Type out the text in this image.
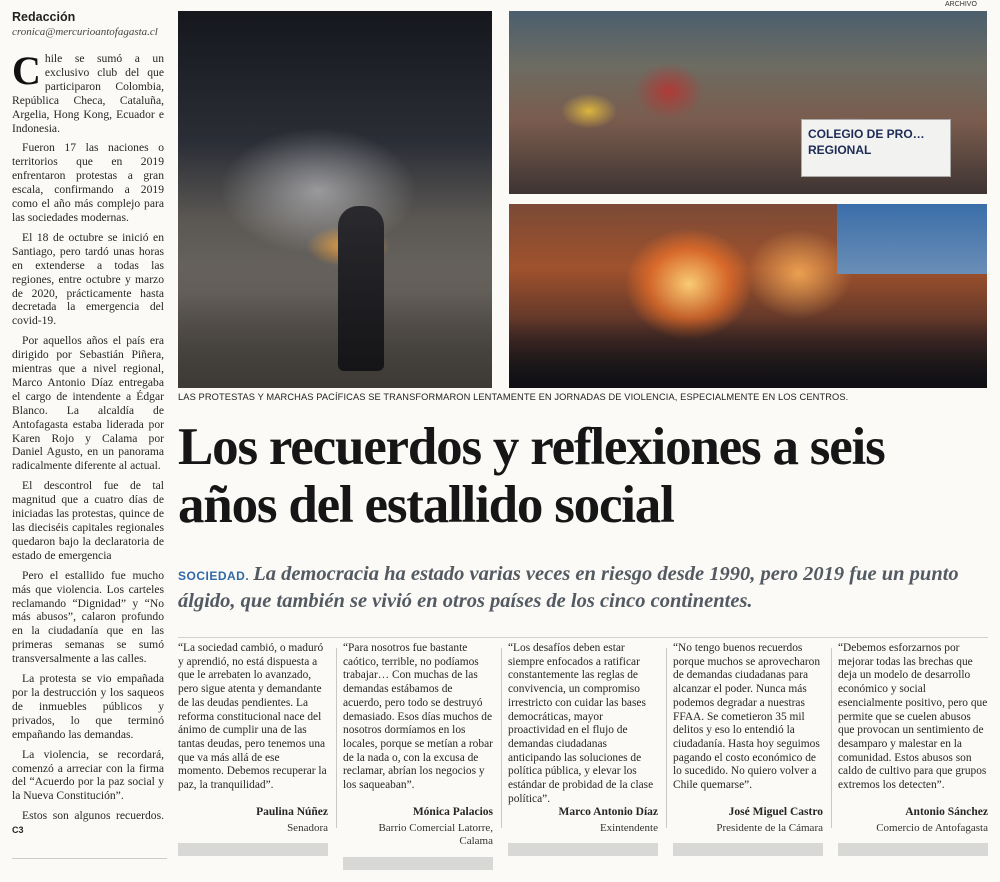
Redacción
cronica@mercurioantofagasta.cl

Chile se sumó a un exclusivo club del que participaron Colombia, República Checa, Cataluña, Argelia, Hong Kong, Ecuador e Indonesia.

Fueron 17 las naciones o territorios que en 2019 enfrentaron protestas a gran escala, confirmando a 2019 como el año más complejo para las sociedades modernas.

El 18 de octubre se inició en Santiago, pero tardó unas horas en extenderse a todas las regiones, entre octubre y marzo de 2020, prácticamente hasta decretada la emergencia del covid-19.

Por aquellos años el país era dirigido por Sebastián Piñera, mientras que a nivel regional, Marco Antonio Díaz entregaba el cargo de intendente a Édgar Blanco. La alcaldía de Antofagasta estaba liderada por Karen Rojo y Calama por Daniel Agusto, en un panorama radicalmente diferente al actual.

El descontrol fue de tal magnitud que a cuatro días de iniciadas las protestas, quince de las dieciséis capitales regionales quedaron bajo la declaratoria de estado de emergencia

Pero el estallido fue mucho más que violencia. Los carteles reclamando “Dignidad” y “No más abusos”, calaron profundo en la ciudadanía que en las primeras semanas se sumó transversalmente a las calles.

La protesta se vio empañada por la destrucción y los saqueos de inmuebles públicos y privados, lo que terminó empañando las demandas.

La violencia, se recordará, comenzó a arreciar con la firma del “Acuerdo por la paz social y la Nueva Constitución”.

Estos son algunos recuerdos. C3

ARCHIVO
COLEGIO DE PRO… REGIONAL
LAS PROTESTAS Y MARCHAS PACÍFICAS SE TRANSFORMARON LENTAMENTE EN JORNADAS DE VIOLENCIA, ESPECIALMENTE EN LOS CENTROS.
Los recuerdos y reflexiones a seis años del estallido social
SOCIEDAD. La democracia ha estado varias veces en riesgo desde 1990, pero 2019 fue un punto álgido, que también se vivió en otros países de los cinco continentes.
“La sociedad cambió, o maduró y aprendió, no está dispuesta a que le arrebaten lo avanzado, pero sigue atenta y demandante de las deudas pendientes. La reforma constitucional nace del ánimo de cumplir una de las tantas deudas, pero tenemos una que va más allá de ese momento. Debemos recuperar la paz, la tranquilidad”.
Paulina Núñez
Senadora
“Para nosotros fue bastante caótico, terrible, no podíamos trabajar… Con muchas de las demandas estábamos de acuerdo, pero todo se destruyó demasiado. Esos días muchos de nosotros dormíamos en los locales, porque se metían a robar de la nada o, con la excusa de reclamar, abrían los negocios y los saqueaban”.
Mónica Palacios
Barrio Comercial Latorre, Calama
“Los desafíos deben estar siempre enfocados a ratificar constantemente las reglas de convivencia, un compromiso irrestricto con cuidar las bases democráticas, mayor proactividad en el flujo de demandas ciudadanas anticipando las soluciones de política pública, y elevar los estándar de probidad de la clase política”.
Marco Antonio Díaz
Exintendente
“No tengo buenos recuerdos porque muchos se aprovecharon de demandas ciudadanas para alcanzar el poder. Nunca más podemos degradar a nuestras FFAA. Se cometieron 35 mil delitos y eso lo entendió la ciudadanía. Hasta hoy seguimos pagando el costo económico de lo sucedido. No quiero volver a Chile quemarse”.
José Miguel Castro
Presidente de la Cámara
“Debemos esforzarnos por mejorar todas las brechas que deja un modelo de desarrollo económico y social esencialmente positivo, pero que permite que se cuelen abusos que provocan un sentimiento de desamparo y malestar en la comunidad. Estos abusos son caldo de cultivo para que grupos extremos los detecten”.
Antonio Sánchez
Comercio de Antofagasta
